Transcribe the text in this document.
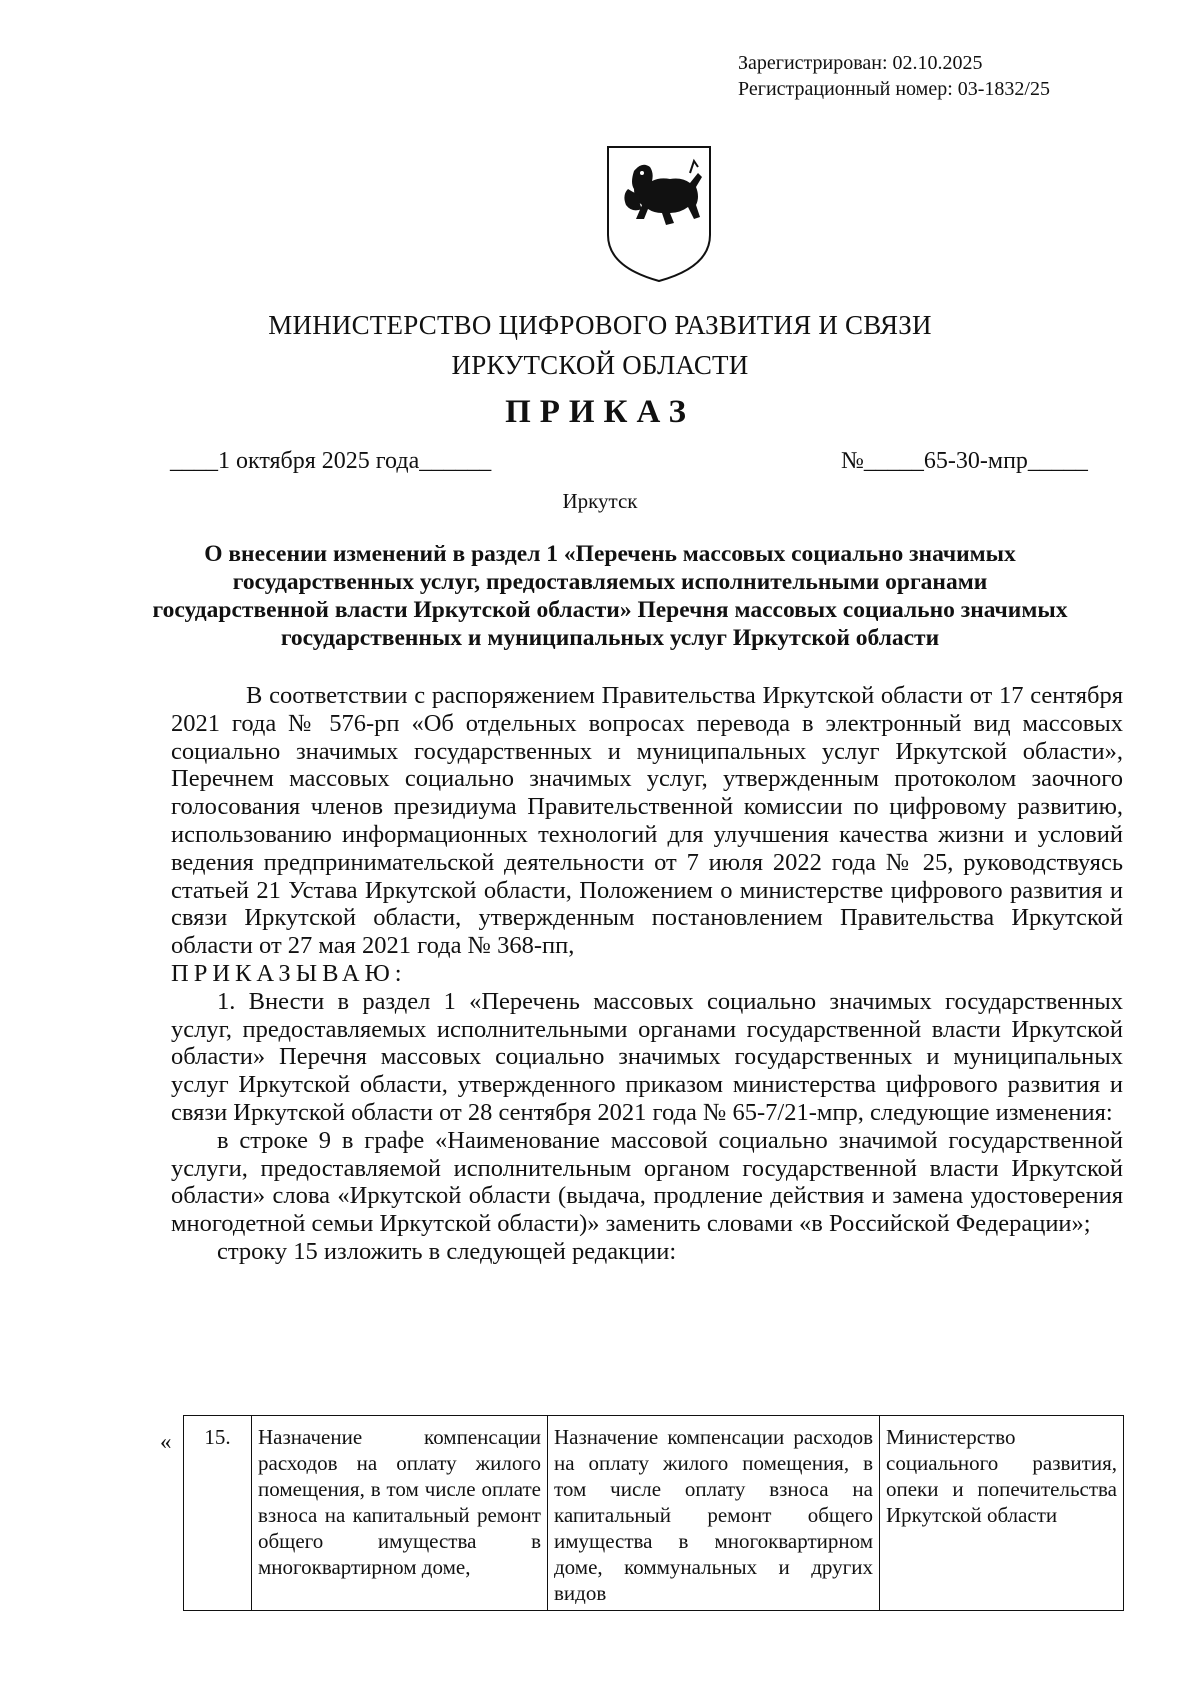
Зарегистрирован: 02.10.2025
Регистрационный номер: 03-1832/25
МИНИСТЕРСТВО ЦИФРОВОГО РАЗВИТИЯ И СВЯЗИ
ИРКУТСКОЙ ОБЛАСТИ
ПРИКАЗ
____1 октября 2025 года______	№_____65-30-мпр_____
Иркутск
О внесении изменений в раздел 1 «Перечень массовых социально значимых государственных услуг, предоставляемых исполнительными органами государственной власти Иркутской области» Перечня массовых социально значимых государственных и муниципальных услуг Иркутской области

В соответствии с распоряжением Правительства Иркутской области от 17 сентября 2021 года № 576-рп «Об отдельных вопросах перевода в электронный вид массовых социально значимых государственных и муниципальных услуг Иркутской области», Перечнем массовых социально значимых услуг, утвержденным протоколом заочного голосования членов президиума Правительственной комиссии по цифровому развитию, использованию информационных технологий для улучшения качества жизни и условий ведения предпринимательской деятельности от 7 июля 2022 года № 25, руководствуясь статьей 21 Устава Иркутской области, Положением о министерстве цифрового развития и связи Иркутской области, утвержденным постановлением Правительства Иркутской области от 27 мая 2021 года № 368-пп,

ПРИКАЗЫВАЮ:

1. Внести в раздел 1 «Перечень массовых социально значимых государственных услуг, предоставляемых исполнительными органами государственной власти Иркутской области» Перечня массовых социально значимых государственных и муниципальных услуг Иркутской области, утвержденного приказом министерства цифрового развития и связи Иркутской области от 28 сентября 2021 года № 65-7/21-мпр, следующие изменения:

в строке 9 в графе «Наименование массовой социально значимой государственной услуги, предоставляемой исполнительным органом государственной власти Иркутской области» слова «Иркутской области (выдача, продление действия и замена удостоверения многодетной семьи Иркутской области)» заменить словами «в Российской Федерации»;

строку 15 изложить в следующей редакции:

« 15.	Назначение компенсации расходов на оплату жилого помещения, в том числе оплате взноса на капитальный ремонт общего имущества в многоквартирном доме,	Назначение компенсации расходов на оплату жилого помещения, в том числе оплату взноса на капитальный ремонт общего имущества в многоквартирном доме, коммунальных и других видов	Министерство социального развития, опеки и попечительства Иркутской области
